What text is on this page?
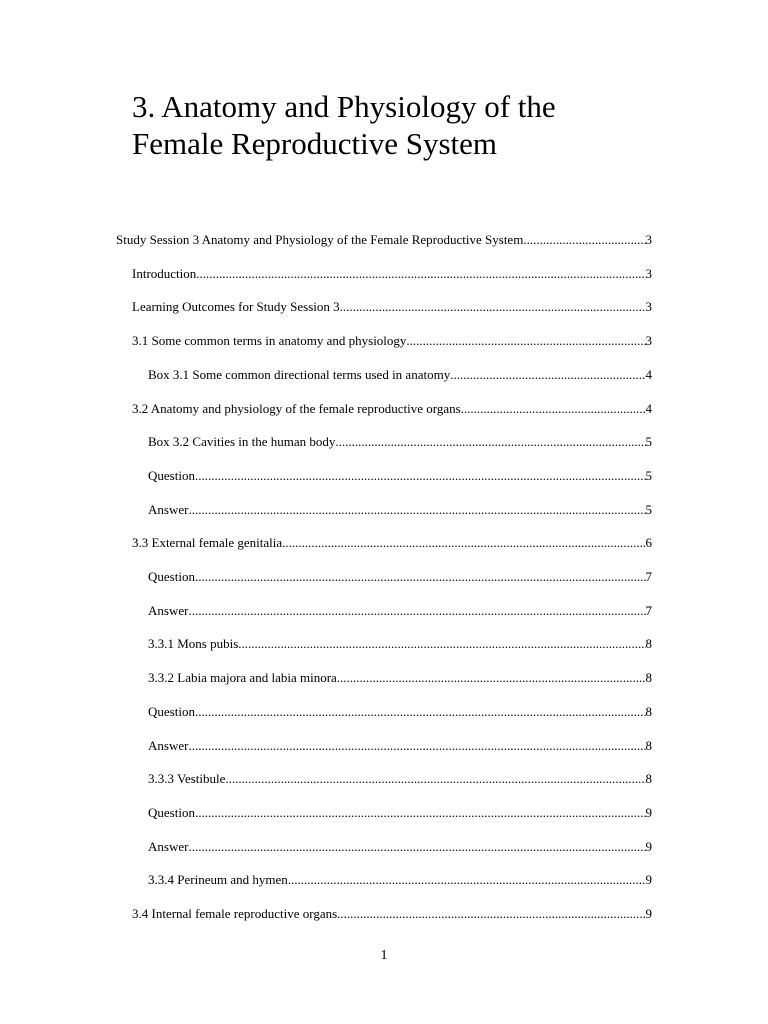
3. Anatomy and Physiology of the
Female Reproductive System
Study Session 3 Anatomy and Physiology of the Female Reproductive System .....	3
Introduction .....	3
Learning Outcomes for Study Session 3 .....	3
3.1 Some common terms in anatomy and physiology .....	3
Box 3.1 Some common directional terms used in anatomy .....	4
3.2 Anatomy and physiology of the female reproductive organs .....	4
Box 3.2 Cavities in the human body .....	5
Question .....	5
Answer .....	5
3.3 External female genitalia .....	6
Question .....	7
Answer .....	7
3.3.1 Mons pubis .....	8
3.3.2 Labia majora and labia minora .....	8
Question .....	8
Answer .....	8
3.3.3 Vestibule .....	8
Question .....	9
Answer .....	9
3.3.4 Perineum and hymen .....	9
3.4 Internal female reproductive organs .....	9
1
